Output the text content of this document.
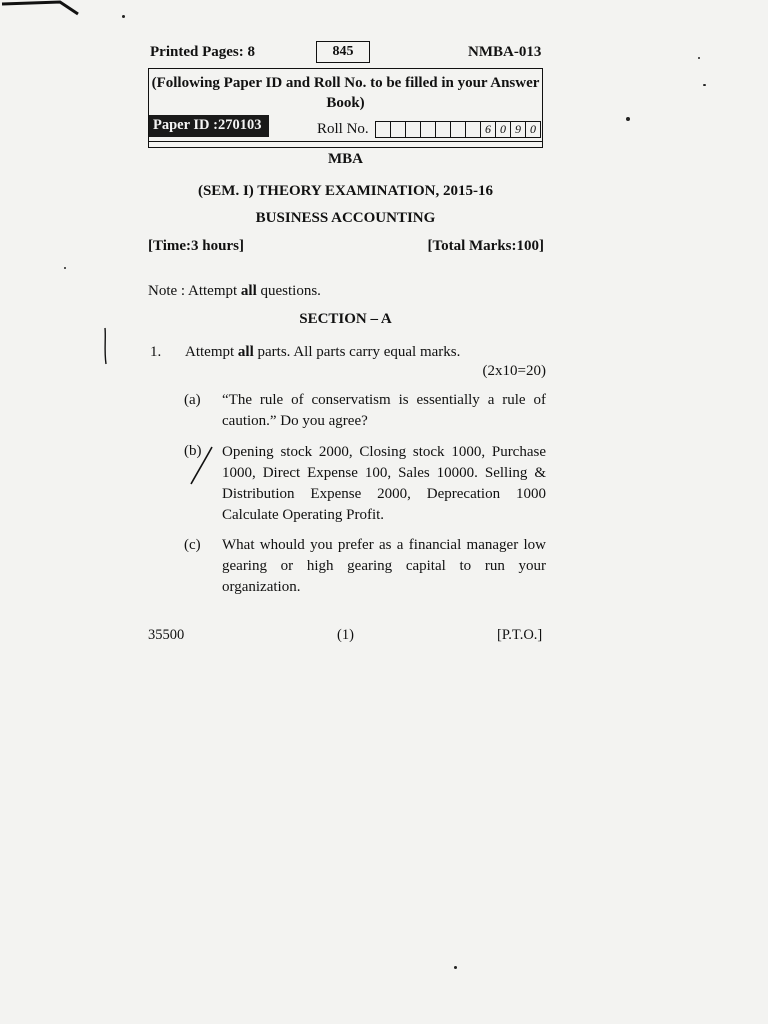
Printed Pages: 8	845	NMBA-013
(Following Paper ID and Roll No. to be filled in your Answer Book)
Paper ID :270103	Roll No.	6 0 9 0
MBA
(SEM. I) THEORY EXAMINATION, 2015-16
BUSINESS ACCOUNTING
[Time:3 hours]	[Total Marks:100]
Note : Attempt all questions.
SECTION – A
1. Attempt all parts. All parts carry equal marks.
(2x10=20)
(a) “The rule of conservatism is essentially a rule of caution.” Do you agree?
(b) Opening stock 2000, Closing stock 1000, Purchase 1000, Direct Expense 100, Sales 10000. Selling & Distribution Expense 2000, Deprecation 1000 Calculate Operating Profit.
(c) What whould you prefer as a financial manager low gearing or high gearing capital to run your organization.
35500	(1)	[P.T.O.]
